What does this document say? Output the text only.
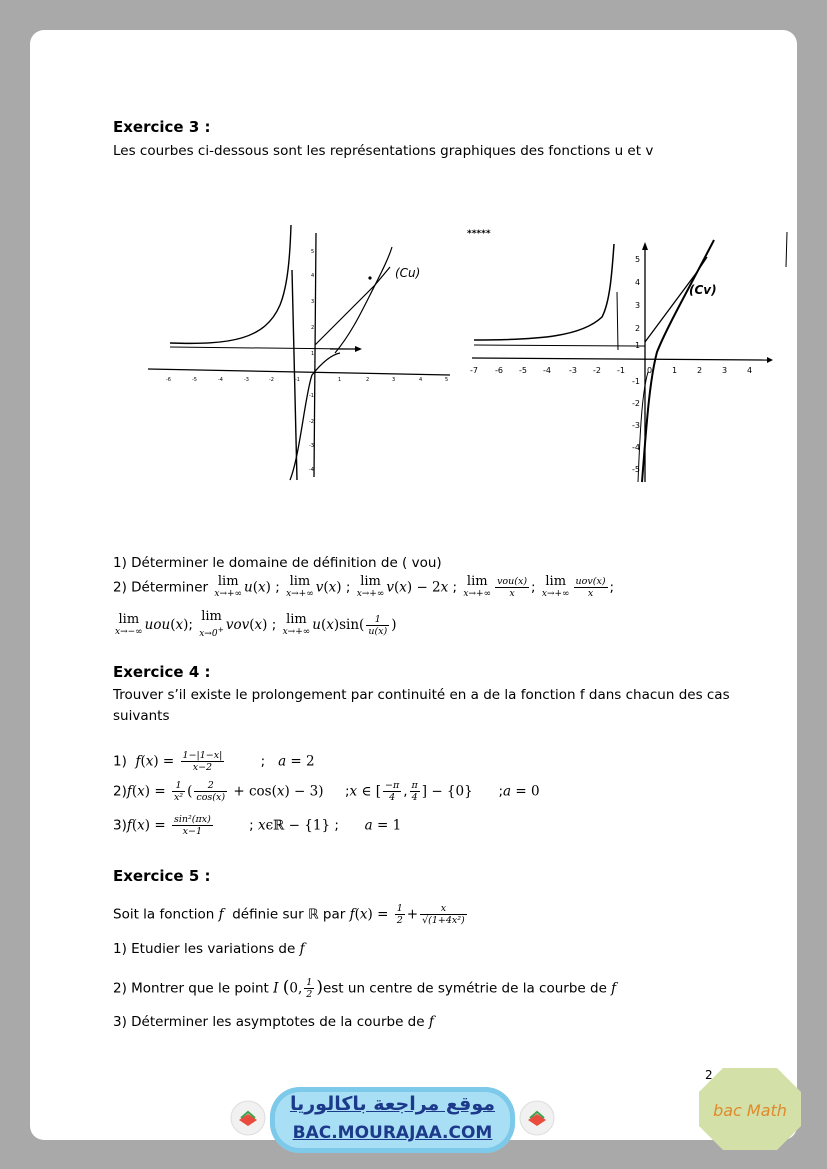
Exercice 3 :
Les courbes ci-dessous sont les représentations graphiques des fonctions u et v
-6	-5	-4	-3	-2	-1	1	2	3	4	5
5
4
3
2
1
-1
-2
-3
-4
(Cu)
*****
-7 -6 -5 -4 -3 -2 -1	0 1 2 3 4
5
4
3
2
-1
-2
-3
-4
-5
(Cv)
1) Déterminer le domaine de définition de ( vou)
2) Déterminer lim
x→+∞ u(x) ; lim
x→+∞ v(x) ; lim
x→+∞ v(x) − 2x ; lim
$x\to+\infty \frac{\text{vou(x)}}{x}$ ; lim
$x\to+\infty \frac{\text{uov(x)}}{x}$ ;
lim
x→−∞ uou(x);
lim
x→0+ vov(x) ; lim
x→+∞ $u(x)\sin( \frac{1}{u(x)}$ )
Exercice 4 :
Trouver s’il existe le prolongement par continuité en a de la fonction f dans chacun des cas
suivants
1)  $f(x) = \frac{1-|1-x|}{x-2}$ ;   a = 2
$2)f(x) = \frac{1}{\text{x²}}$ ( $\frac{2}{\cos(x)} + \cos(x) - 3$)     ;x ∈ [ $\frac{-\pi}{4}$ , $\frac{\pi}{4}$ ] − {0}      ;a = 0
$3)f(x) = \frac{\text{sin²(πx)}}{x-1}$ ; xϵℝ − {1} ;      a = 1
Exercice 5 :
Soit la fonction f définie sur ℝ par $f(x) = \frac{1}{2} + \frac{x}{\text{√(1+4x²)}}$
1) Etudier les variations de f
2) Montrer que le point I (0, $\frac{1}{2} )est$ un centre de symétrie de la courbe de f
3) Déterminer les asymptotes de la courbe de f
2
موقع مراجعة باكالوريا
BAC.MOURAJAA.COM
bac Math
